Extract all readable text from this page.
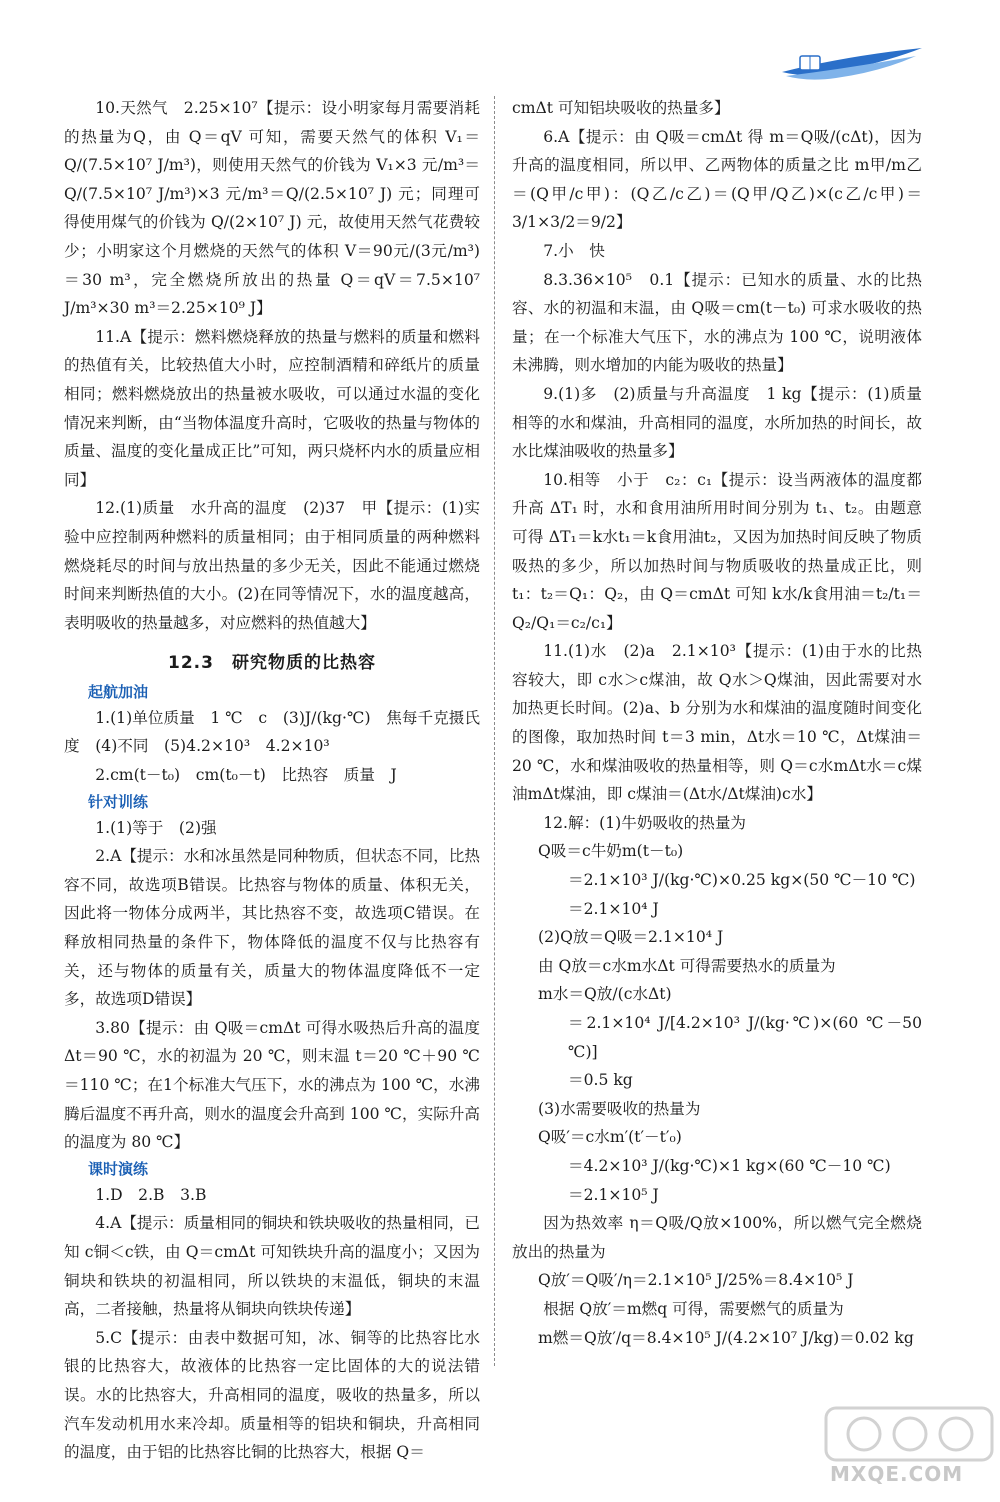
10.天然气　2.25×10⁷【提示：设小明家每月需要消耗的热量为Q，由 Q＝qV 可知，需要天然气的体积 V₁＝Q/(7.5×10⁷ J/m³)，则使用天然气的价钱为 V₁×3 元/m³＝Q/(7.5×10⁷ J/m³)×3 元/m³＝Q/(2.5×10⁷ J) 元；同理可得使用煤气的价钱为 Q/(2×10⁷ J) 元，故使用天然气花费较少；小明家这个月燃烧的天然气的体积 V＝90元/(3元/m³)＝30 m³，完全燃烧所放出的热量 Q＝qV＝7.5×10⁷ J/m³×30 m³＝2.25×10⁹ J】

11.A【提示：燃料燃烧释放的热量与燃料的质量和燃料的热值有关，比较热值大小时，应控制酒精和碎纸片的质量相同；燃料燃烧放出的热量被水吸收，可以通过水温的变化情况来判断，由“当物体温度升高时，它吸收的热量与物体的质量、温度的变化量成正比”可知，两只烧杯内水的质量应相同】

12.(1)质量　水升高的温度　(2)37　甲【提示：(1)实验中应控制两种燃料的质量相同；由于相同质量的两种燃料燃烧耗尽的时间与放出热量的多少无关，因此不能通过燃烧时间来判断热值的大小。(2)在同等情况下，水的温度越高，表明吸收的热量越多，对应燃料的热值越大】

12.3　研究物质的比热容
起航加油

1.(1)单位质量　1 ℃　c　(3)J/(kg·℃)　焦每千克摄氏度　(4)不同　(5)4.2×10³　4.2×10³

2.cm(t－t₀)　cm(t₀－t)　比热容　质量　J

针对训练

1.(1)等于　(2)强

2.A【提示：水和冰虽然是同种物质，但状态不同，比热容不同，故选项B错误。比热容与物体的质量、体积无关，因此将一物体分成两半，其比热容不变，故选项C错误。在释放相同热量的条件下，物体降低的温度不仅与比热容有关，还与物体的质量有关，质量大的物体温度降低不一定多，故选项D错误】

3.80【提示：由 Q吸＝cmΔt 可得水吸热后升高的温度 Δt＝90 ℃，水的初温为 20 ℃，则末温 t＝20 ℃＋90 ℃＝110 ℃；在1个标准大气压下，水的沸点为 100 ℃，水沸腾后温度不再升高，则水的温度会升高到 100 ℃，实际升高的温度为 80 ℃】

课时演练

1.D　2.B　3.B

4.A【提示：质量相同的铜块和铁块吸收的热量相同，已知 c铜＜c铁，由 Q＝cmΔt 可知铁块升高的温度小；又因为铜块和铁块的初温相同，所以铁块的末温低，铜块的末温高，二者接触，热量将从铜块向铁块传递】

5.C【提示：由表中数据可知，冰、铜等的比热容比水银的比热容大，故液体的比热容一定比固体的大的说法错误。水的比热容大，升高相同的温度，吸收的热量多，所以汽车发动机用水来冷却。质量相等的铝块和铜块，升高相同的温度，由于铝的比热容比铜的比热容大，根据 Q＝

cmΔt 可知铝块吸收的热量多】

6.A【提示：由 Q吸＝cmΔt 得 m＝Q吸/(cΔt)，因为升高的温度相同，所以甲、乙两物体的质量之比 m甲/m乙＝(Q甲/c甲)：(Q乙/c乙)＝(Q甲/Q乙)×(c乙/c甲)＝3/1×3/2＝9/2】

7.小　快

8.3.36×10⁵　0.1【提示：已知水的质量、水的比热容、水的初温和末温，由 Q吸＝cm(t－t₀) 可求水吸收的热量；在一个标准大气压下，水的沸点为 100 ℃，说明液体未沸腾，则水增加的内能为吸收的热量】

9.(1)多　(2)质量与升高温度　1 kg【提示：(1)质量相等的水和煤油，升高相同的温度，水所加热的时间长，故水比煤油吸收的热量多】

10.相等　小于　c₂：c₁【提示：设当两液体的温度都升高 ΔT₁ 时，水和食用油所用时间分别为 t₁、t₂。由题意可得 ΔT₁＝k水t₁＝k食用油t₂，又因为加热时间反映了物质吸热的多少，所以加热时间与物质吸收的热量成正比，则 t₁：t₂＝Q₁：Q₂，由 Q＝cmΔt 可知 k水/k食用油＝t₂/t₁＝Q₂/Q₁＝c₂/c₁】

11.(1)水　(2)a　2.1×10³【提示：(1)由于水的比热容较大，即 c水＞c煤油，故 Q水＞Q煤油，因此需要对水加热更长时间。(2)a、b 分别为水和煤油的温度随时间变化的图像，取加热时间 t＝3 min，Δt水＝10 ℃，Δt煤油＝20 ℃，水和煤油吸收的热量相等，则 Q＝c水mΔt水＝c煤油mΔt煤油，即 c煤油＝(Δt水/Δt煤油)c水】

12.解：(1)牛奶吸收的热量为

Q吸＝c牛奶m(t－t₀)

＝2.1×10³ J/(kg·℃)×0.25 kg×(50 ℃－10 ℃)

＝2.1×10⁴ J

(2)Q放＝Q吸＝2.1×10⁴ J

由 Q放＝c水m水Δt 可得需要热水的质量为

m水＝Q放/(c水Δt)

＝2.1×10⁴ J/[4.2×10³ J/(kg·℃)×(60 ℃－50 ℃)]

＝0.5 kg

(3)水需要吸收的热量为

Q吸′＝c水m′(t′－t′₀)

＝4.2×10³ J/(kg·℃)×1 kg×(60 ℃－10 ℃)

＝2.1×10⁵ J

因为热效率 η＝Q吸/Q放×100%，所以燃气完全燃烧放出的热量为

Q放′＝Q吸′/η＝2.1×10⁵ J/25%＝8.4×10⁵ J

根据 Q放′＝m燃q 可得，需要燃气的质量为

m燃＝Q放′/q＝8.4×10⁵ J/(4.2×10⁷ J/kg)＝0.02 kg

MXQE.COM
